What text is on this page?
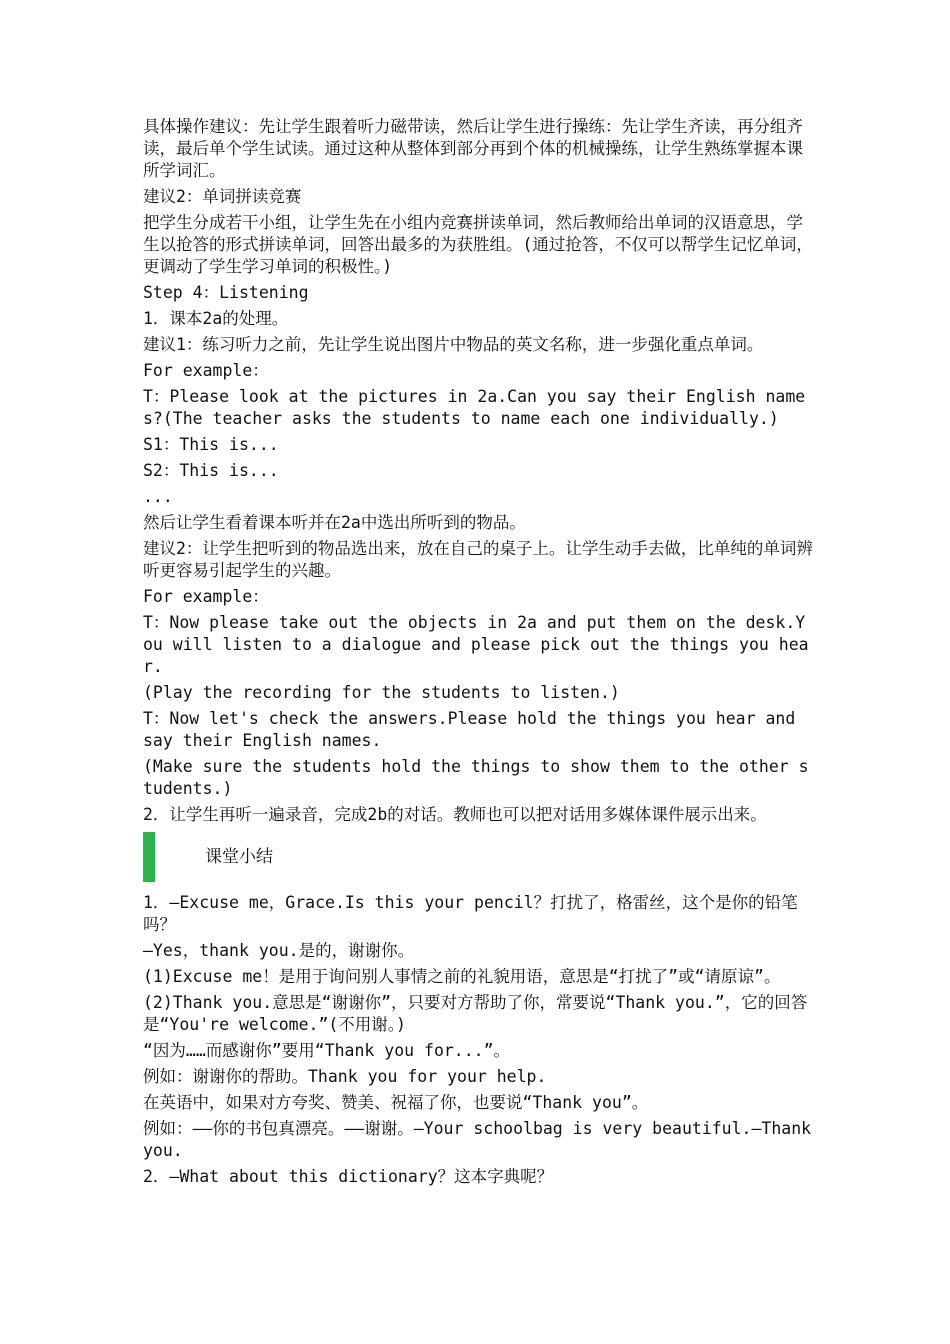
具体操作建议：先让学生跟着听力磁带读，然后让学生进行操练：先让学生齐读，再分组齐读，最后单个学生试读。通过这种从整体到部分再到个体的机械操练，让学生熟练掌握本课所学词汇。

建议2：单词拼读竞赛

把学生分成若干小组，让学生先在小组内竞赛拼读单词，然后教师给出单词的汉语意思，学生以抢答的形式拼读单词，回答出最多的为获胜组。(通过抢答，不仅可以帮学生记忆单词，更调动了学生学习单词的积极性。)

Step 4：Listening

1．课本2a的处理。

建议1：练习听力之前，先让学生说出图片中物品的英文名称，进一步强化重点单词。

For example：

T：Please look at the pictures in 2a.Can you say their English names?(The teacher asks the students to name each one individually.)

S1：This is...

S2：This is...

...

然后让学生看着课本听并在2a中选出所听到的物品。

建议2：让学生把听到的物品选出来，放在自己的桌子上。让学生动手去做，比单纯的单词辨听更容易引起学生的兴趣。

For example：

T：Now please take out the objects in 2a and put them on the desk.You will listen to a dialogue and please pick out the things you hear.

(Play the recording for the students to listen.)

T：Now let's check the answers.Please hold the things you hear and say their English names.

(Make sure the students hold the things to show them to the other students.)

2．让学生再听一遍录音，完成2b的对话。教师也可以把对话用多媒体课件展示出来。

课堂小结

1．—Excuse me，Grace.Is this your pencil？打扰了，格雷丝，这个是你的铅笔吗？

—Yes，thank you.是的，谢谢你。

(1)Excuse me！是用于询问别人事情之前的礼貌用语，意思是“打扰了”或“请原谅”。

(2)Thank you.意思是“谢谢你”，只要对方帮助了你，常要说“Thank you.”，它的回答是“You're welcome.”(不用谢。)

“因为……而感谢你”要用“Thank you for...”。

例如：谢谢你的帮助。Thank you for your help.

在英语中，如果对方夸奖、赞美、祝福了你，也要说“Thank you”。

例如：——你的书包真漂亮。——谢谢。—Your schoolbag is very beautiful.—Thank you.

2．—What about this dictionary？这本字典呢？
